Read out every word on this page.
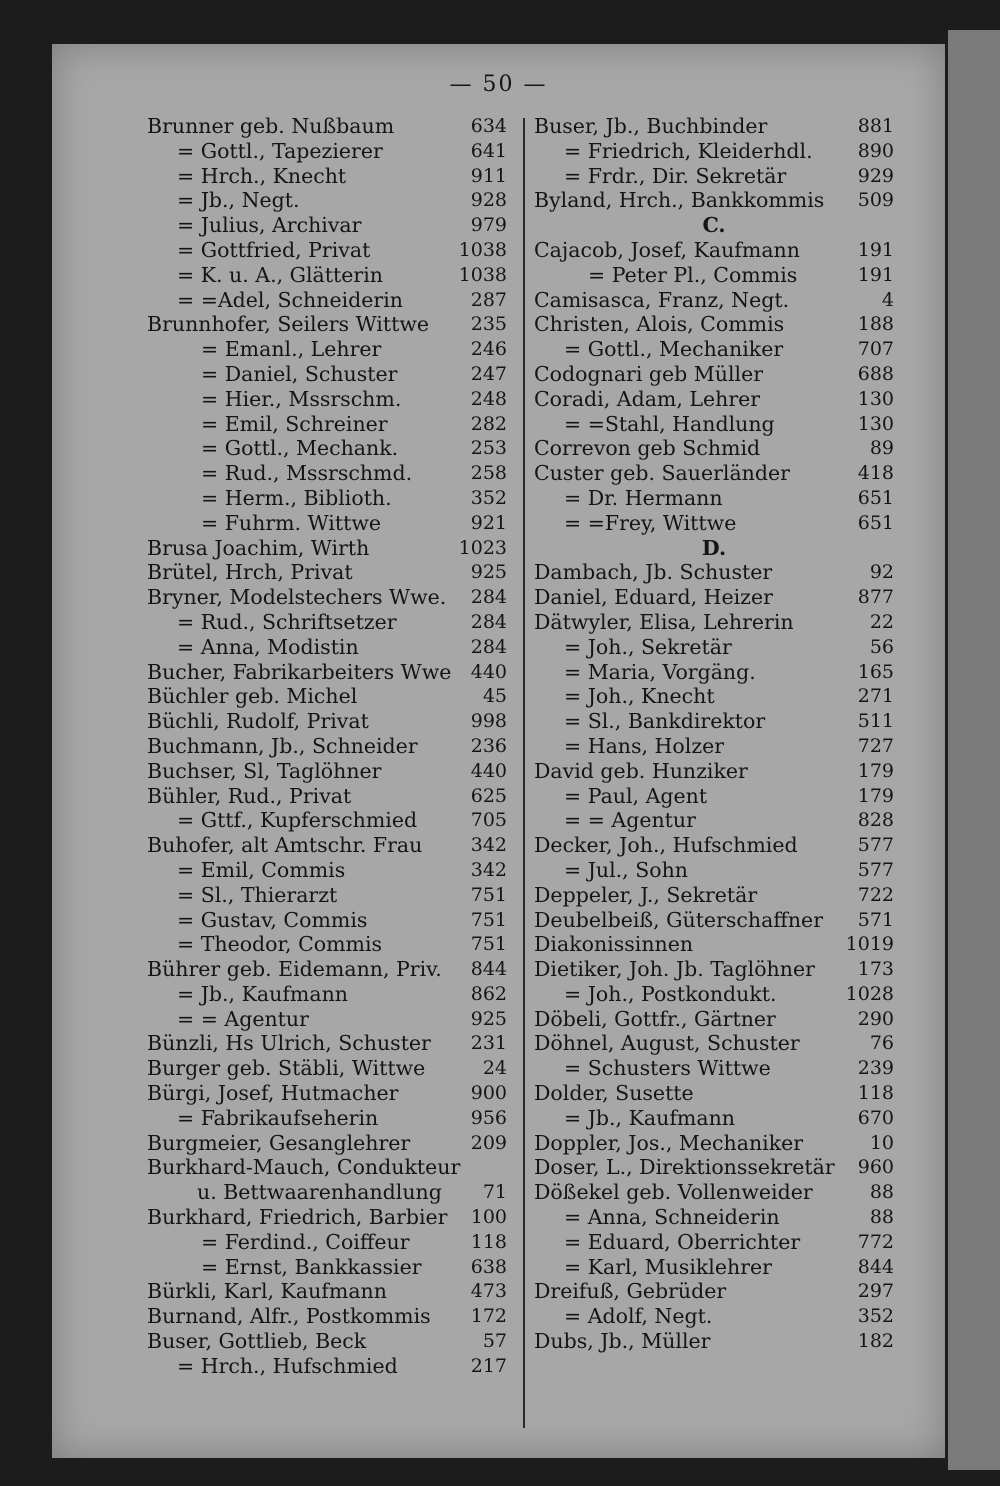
— 50 —
Brunner geb. Nußbaum	634
= Gottl., Tapezierer	641
= Hrch., Knecht	911
= Jb., Negt.	928
= Julius, Archivar	979
= Gottfried, Privat	1038
= K. u. A., Glätterin	1038
= =Adel, Schneiderin	287
Brunnhofer, Seilers Wittwe 235
= Emanl., Lehrer	246
= Daniel, Schuster	247
= Hier., Mssrschm.	248
= Emil, Schreiner	282
= Gottl., Mechank.	253
= Rud., Mssrschmd.	258
= Herm., Biblioth.	352
= Fuhrm. Wittwe	921
Brusa Joachim, Wirth	1023
Brütel, Hrch, Privat	925
Bryner, Modelstechers Wwe. 284
= Rud., Schriftsetzer	284
= Anna, Modistin	284
Bucher, Fabrikarbeiters Wwe 440
Büchler geb. Michel	45
Büchli, Rudolf, Privat	998
Buchmann, Jb., Schneider	236
Buchser, Sl, Taglöhner	440
Bühler, Rud., Privat	625
= Gttf., Kupferschmied	705
Buhofer, alt Amtschr. Frau	342
= Emil, Commis	342
= Sl., Thierarzt	751
= Gustav, Commis	751
= Theodor, Commis	751
Bührer geb. Eidemann, Priv. 844
= Jb., Kaufmann	862
= = Agentur	925
Bünzli, Hs Ulrich, Schuster 231
Burger geb. Stäbli, Wittwe	24
Bürgi, Josef, Hutmacher	900
= Fabrikaufseherin	956
Burgmeier, Gesanglehrer	209
Burkhard-Mauch, Condukteur
u. Bettwaarenhandlung 71
Burkhard, Friedrich, Barbier 100
= Ferdind., Coiffeur	118
= Ernst, Bankkassier	638
Bürkli, Karl, Kaufmann	473
Burnand, Alfr., Postkommis 172
Buser, Gottlieb, Beck	57
= Hrch., Hufschmied	217
Buser, Jb., Buchbinder	881
= Friedrich, Kleiderhdl. 890
= Frdr., Dir. Sekretär	929
Byland, Hrch., Bankkommis 509
C.
Cajacob, Josef, Kaufmann	191
= Peter Pl., Commis	191
Camisasca, Franz, Negt.	4
Christen, Alois, Commis	188
= Gottl., Mechaniker	707
Codognari geb Müller	688
Coradi, Adam, Lehrer	130
= =Stahl, Handlung	130
Correvon geb Schmid	89
Custer geb. Sauerländer	418
= Dr. Hermann	651
= =Frey, Wittwe	651
D.
Dambach, Jb. Schuster	92
Daniel, Eduard, Heizer	877
Dätwyler, Elisa, Lehrerin	22
= Joh., Sekretär	56
= Maria, Vorgäng.	165
= Joh., Knecht	271
= Sl., Bankdirektor	511
= Hans, Holzer	727
David geb. Hunziker	179
= Paul, Agent	179
= = Agentur	828
Decker, Joh., Hufschmied	577
= Jul., Sohn	577
Deppeler, J., Sekretär	722
Deubelbeiß, Güterschaffner 571
Diakonissinnen	1019
Dietiker, Joh. Jb. Taglöhner 173
= Joh., Postkondukt.	1028
Döbeli, Gottfr., Gärtner	290
Döhnel, August, Schuster	76
= Schusters Wittwe	239
Dolder, Susette	118
= Jb., Kaufmann	670
Doppler, Jos., Mechaniker	10
Doser, L., Direktionssekretär 960
Dößekel geb. Vollenweider	88
= Anna, Schneiderin	88
= Eduard, Oberrichter	772
= Karl, Musiklehrer	844
Dreifuß, Gebrüder	297
= Adolf, Negt.	352
Dubs, Jb., Müller	182
